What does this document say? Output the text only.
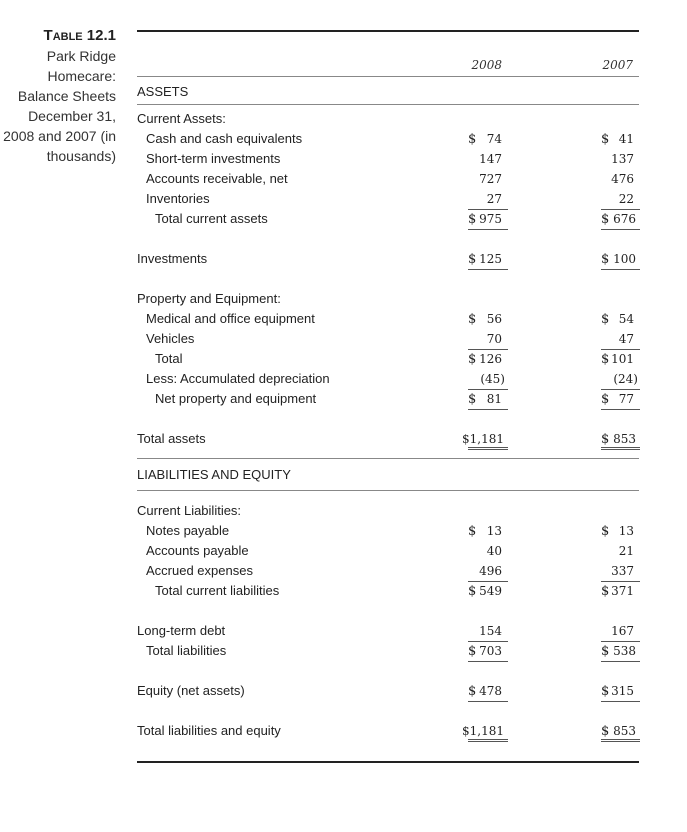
Table 12.1
Park Ridge
Homecare:
Balance Sheets
December 31,
2008 and 2007 (in
thousands)
2008	2007
ASSETS
Current Assets:
Cash and cash equivalents	$ 74	$ 41
Short-term investments	147	137
Accounts receivable, net	727	476
Inventories	27	22
Total current assets	$ 975	$ 676
Investments	$ 125	$ 100
Property and Equipment:
Medical and office equipment	$ 56	$ 54
Vehicles	70	47
Total	$ 126	$ 101
Less: Accumulated depreciation	(45)	(24)
Net property and equipment	$ 81	$ 77
Total assets	$1,181	$ 853
LIABILITIES AND EQUITY
Current Liabilities:
Notes payable	$ 13	$ 13
Accounts payable	40	21
Accrued expenses	496	337
Total current liabilities	$ 549	$ 371
Long-term debt	154	167
Total liabilities	$ 703	$ 538
Equity (net assets)	$ 478	$ 315
Total liabilities and equity	$1,181	$ 853
